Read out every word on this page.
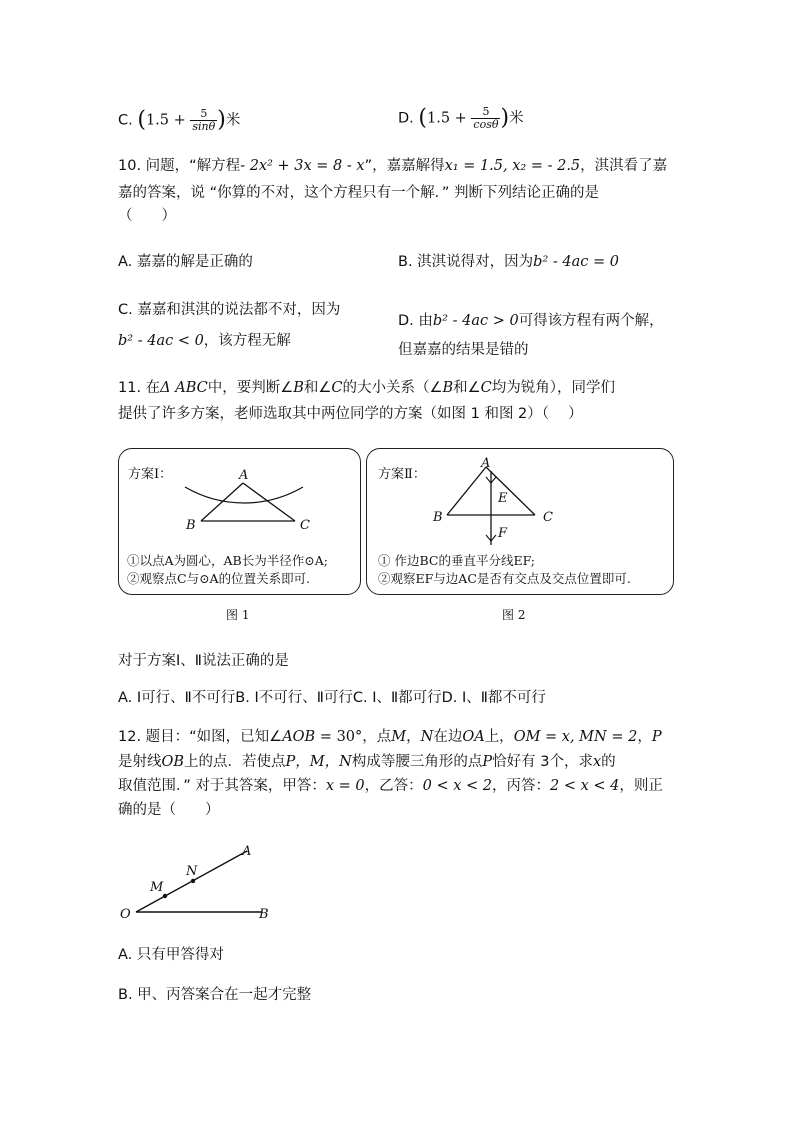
C. ($1.5 + \frac{5}{\sin\theta}$ )米	D. ($1.5 + \frac{5}{\cos\theta}$ )米
10. 问题，“解方程- 2x² + 3x = 8 - x”，嘉嘉解得x₁ = 1.5, x₂ = - 2.5，淇淇看了嘉
嘉的答案，说 “你算的不对，这个方程只有一个解．” 判断下列结论正确的是
（　　）
A. 嘉嘉的解是正确的	B. 淇淇说得对，因为b² - 4ac = 0
C. 嘉嘉和淇淇的说法都不对，因为
b² - 4ac < 0，该方程无解
D. 由b² - 4ac > 0可得该方程有两个解，
但嘉嘉的结果是错的
11. 在Δ ABC中，要判断∠B和∠C的大小关系（∠B和∠C均为锐角），同学们
提供了许多方案，老师选取其中两位同学的方案（如图 1 和图 2）（　 ）
方案Ⅰ：	A
B	C
①以点A为圆心，AB长为半径作⊙A;
②观察点C与⊙A的位置关系即可.
方案Ⅱ：
A
B	C
E
F
① 作边BC的垂直平分线EF;
②观察EF与边AC是否有交点及交点位置即可.
图 1	图 2
对于方案Ⅰ、Ⅱ说法正确的是
A. Ⅰ可行、Ⅱ不可行B. Ⅰ不可行、Ⅱ可行C. Ⅰ、Ⅱ都可行D. Ⅰ、Ⅱ都不可行
12. 题目：“如图，已知∠AOB = 30°，点M，N在边OA上，OM = x, MN = 2，P
是射线OB上的点．若使点P，M，N构成等腰三角形的点P恰好有 3个，求x的
取值范围．” 对于其答案，甲答：x = 0，乙答：0 < x < 2，丙答：2 < x < 4，则正
确的是（　　）
O
M
N
A
B
A. 只有甲答得对
B. 甲、丙答案合在一起才完整
